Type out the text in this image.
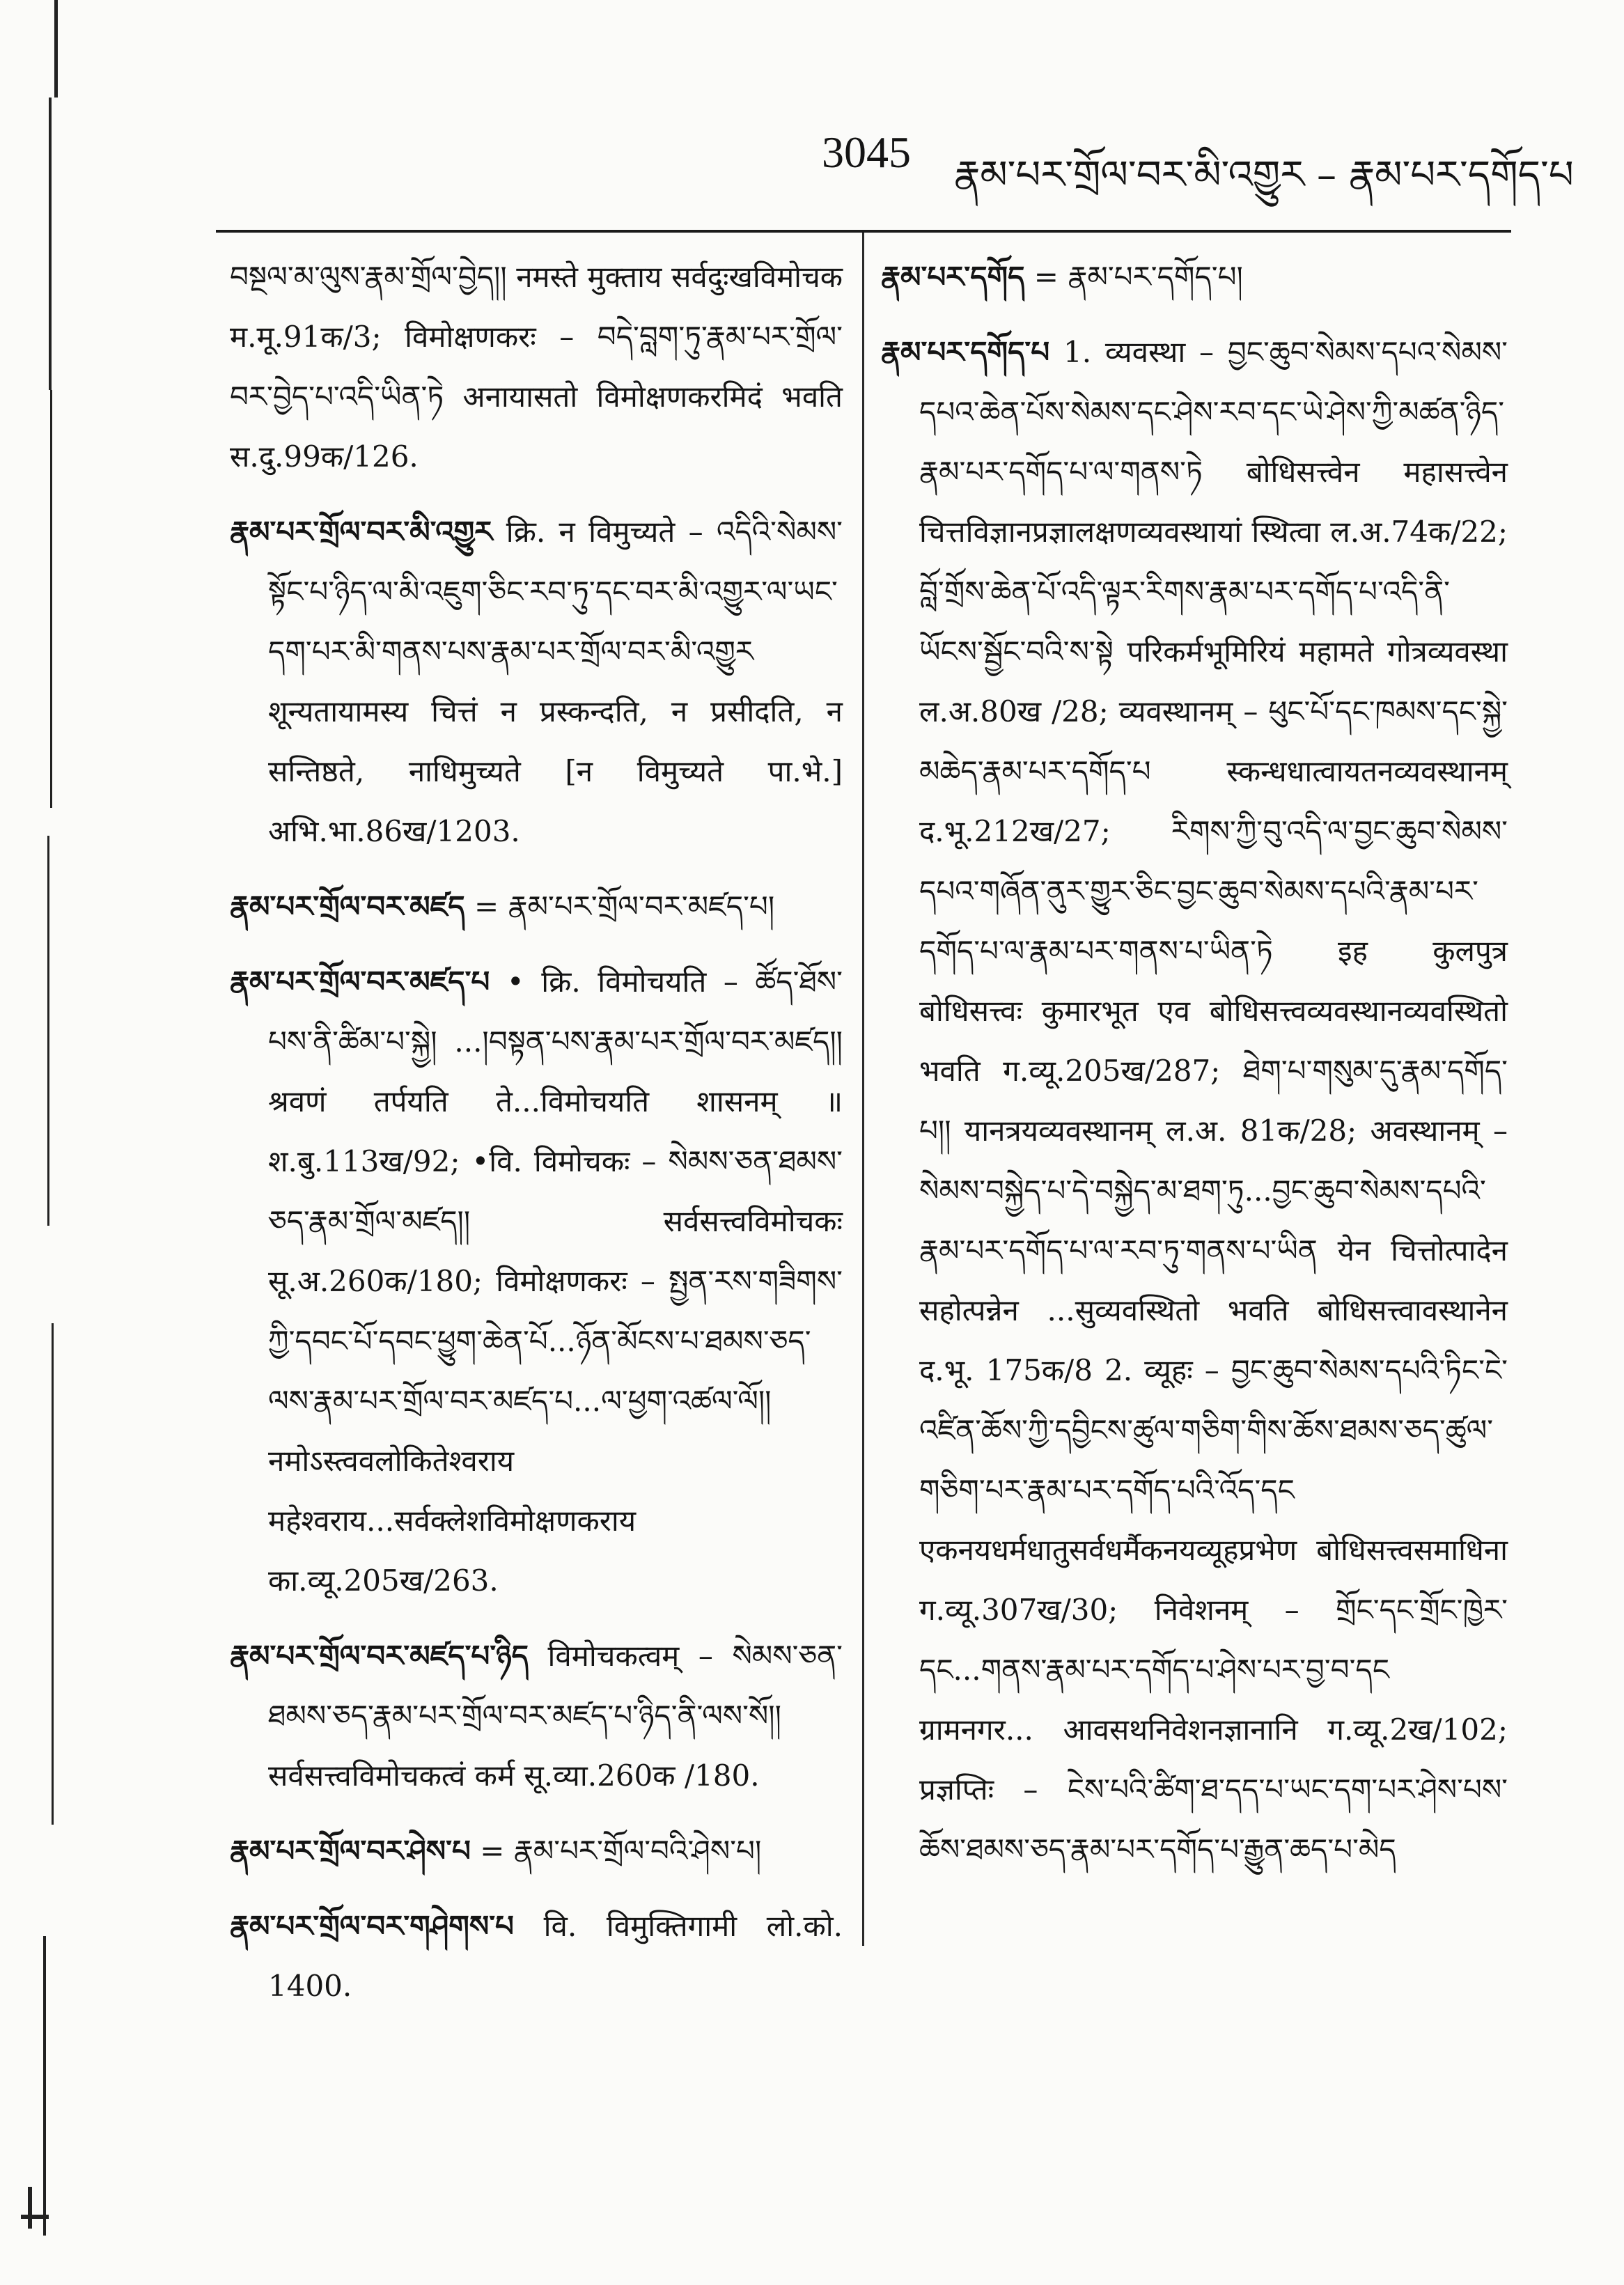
3045 རྣམ་པར་གྲོལ་བར་མི་འགྱུར – རྣམ་པར་དགོད་པ

བསྔལ་མ་ལུས་རྣམ་གྲོལ་བྱེད།། नमस्ते मुक्ताय सर्वदुःखविमोचक म.मू.91क/3; विमोक्षणकरः – བདེ་བླག་ཏུ་རྣམ་པར་གྲོལ་བར་བྱེད་པ་འདི་ཡིན་ཏེ अनायासतो विमोक्षणकरमिदं भवति स.दु.99क/126.

རྣམ་པར་གྲོལ་བར་མི་འགྱུར क्रि. न विमुच्यते – འདིའི་སེམས་སྟོང་པ་ཉིད་ལ་མི་འཇུག་ཅིང་རབ་ཏུ་དང་བར་མི་འགྱུར་ལ་ཡང་དག་པར་མི་གནས་པས་རྣམ་པར་གྲོལ་བར་མི་འགྱུར शून्यतायामस्य चित्तं न प्रस्कन्दति, न प्रसीदति, न सन्तिष्ठते, नाधिमुच्यते [न विमुच्यते पा.भे.] अभि.भा.86ख/1203.

རྣམ་པར་གྲོལ་བར་མཛད = རྣམ་པར་གྲོལ་བར་མཛད་པ།

རྣམ་པར་གྲོལ་བར་མཛད་པ • क्रि. विमोचयति – ཚོད་ཐོས་པས་ནི་ཚིམ་པ་སྐྱེ། ...།བསྟན་པས་རྣམ་པར་གྲོལ་བར་མཛད།། श्रवणं तर्पयति ते...विमोचयति शासनम् ॥ श.बु.113ख/92; •वि. विमोचकः – སེམས་ཅན་ཐམས་ཅད་རྣམ་གྲོལ་མཛད།། सर्वसत्त्वविमोचकः सू.अ.260क/180; विमोक्षणकरः – སྤྱན་རས་གཟིགས་ཀྱི་དབང་པོ་དབང་ཕྱུག་ཆེན་པོ...ཉོན་མོངས་པ་ཐམས་ཅད་ལས་རྣམ་པར་གྲོལ་བར་མཛད་པ...ལ་ཕྱག་འཚལ་ལོ།། नमोऽस्त्ववलोकितेश्वराय महेश्वराय...सर्वक्लेशविमोक्षणकराय का.व्यू.205ख/263.

རྣམ་པར་གྲོལ་བར་མཛད་པ་ཉིད विमोचकत्वम् – སེམས་ཅན་ཐམས་ཅད་རྣམ་པར་གྲོལ་བར་མཛད་པ་ཉིད་ནི་ལས་སོ།། सर्वसत्त्वविमोचकत्वं कर्म सू.व्या.260क /180.

རྣམ་པར་གྲོལ་བར་ཤེས་པ = རྣམ་པར་གྲོལ་བའི་ཤེས་པ།

རྣམ་པར་གྲོལ་བར་གཤེགས་པ वि. विमुक्तिगामी लो.को. 1400.

རྣམ་པར་དགོད = རྣམ་པར་དགོད་པ།

རྣམ་པར་དགོད་པ 1. व्यवस्था – བྱང་ཆུབ་སེམས་དཔའ་སེམས་དཔའ་ཆེན་པོས་སེམས་དང་ཤེས་རབ་དང་ཡེ་ཤེས་ཀྱི་མཚན་ཉིད་རྣམ་པར་དགོད་པ་ལ་གནས་ཏེ बोधिसत्त्वेन महासत्त्वेन चित्तविज्ञानप्रज्ञालक्षणव्यवस्थायां स्थित्वा ल.अ.74क/22; བློ་གྲོས་ཆེན་པོ་འདི་ལྟར་རིགས་རྣམ་པར་དགོད་པ་འདི་ནི་ཡོངས་སྦྱོང་བའི་ས་སྟེ परिकर्मभूमिरियं महामते गोत्रव्यवस्था ल.अ.80ख /28; व्यवस्थानम् – ཕུང་པོ་དང་ཁམས་དང་སྐྱེ་མཆེད་རྣམ་པར་དགོད་པ स्कन्धधात्वायतनव्यवस्थानम् द.भू.212ख/27; རིགས་ཀྱི་བུ་འདི་ལ་བྱང་ཆུབ་སེམས་དཔའ་གཞོན་ནུར་གྱུར་ཅིང་བྱང་ཆུབ་སེམས་དཔའི་རྣམ་པར་དགོད་པ་ལ་རྣམ་པར་གནས་པ་ཡིན་ཏེ इह कुलपुत्र बोधिसत्त्वः कुमारभूत एव बोधिसत्त्वव्यवस्थानव्यवस्थितो भवति ग.व्यू.205ख/287; ཐེག་པ་གསུམ་དུ་རྣམ་དགོད་པ།། यानत्रयव्यवस्थानम् ल.अ. 81क/28; अवस्थानम् – སེམས་བསྐྱེད་པ་དེ་བསྐྱེད་མ་ཐག་ཏུ...བྱང་ཆུབ་སེམས་དཔའི་རྣམ་པར་དགོད་པ་ལ་རབ་ཏུ་གནས་པ་ཡིན येन चित्तोत्पादेन सहोत्पन्नेन ...सुव्यवस्थितो भवति बोधिसत्त्वावस्थानेन द.भू. 175क/8 2. व्यूहः – བྱང་ཆུབ་སེམས་དཔའི་ཏིང་ངེ་འཛིན་ཆོས་ཀྱི་དབྱིངས་ཚུལ་གཅིག་གིས་ཆོས་ཐམས་ཅད་ཚུལ་གཅིག་པར་རྣམ་པར་དགོད་པའི་འོད་དང एकनयधर्मधातुसर्वधर्मैकनयव्यूहप्रभेण बोधिसत्त्वसमाधिना ग.व्यू.307ख/30; निवेशनम् – གྲོང་དང་གྲོང་ཁྱེར་དང...གནས་རྣམ་པར་དགོད་པ་ཤེས་པར་བྱ་བ་དང ग्रामनगर... आवसथनिवेशनज्ञानानि ग.व्यू.2ख/102; प्रज्ञप्तिः – ངེས་པའི་ཚིག་ཐ་དད་པ་ཡང་དག་པར་ཤེས་པས་ཆོས་ཐམས་ཅད་རྣམ་པར་དགོད་པ་རྒྱུན་ཆད་པ་མེད
